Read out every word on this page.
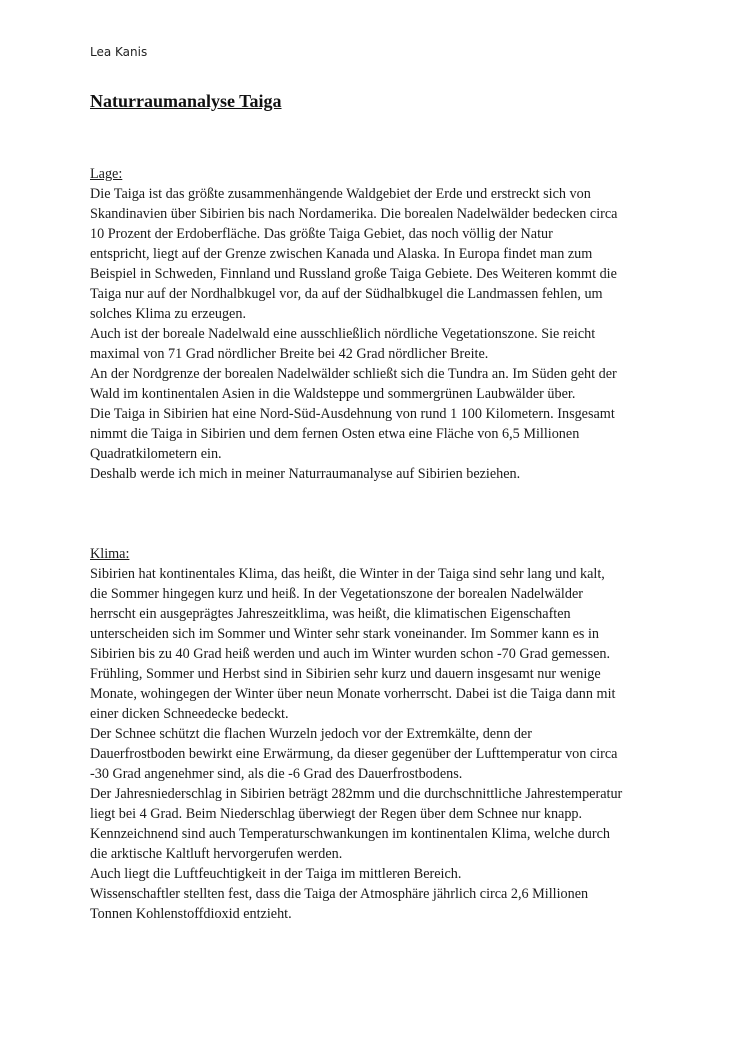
Lea Kanis
Naturraumanalyse Taiga
Lage:
Die Taiga ist das größte zusammenhängende Waldgebiet der Erde und erstreckt sich von
Skandinavien über Sibirien bis nach Nordamerika. Die borealen Nadelwälder bedecken circa
10 Prozent der Erdoberfläche. Das größte Taiga Gebiet, das noch völlig der Natur
entspricht, liegt auf der Grenze zwischen Kanada und Alaska. In Europa findet man zum
Beispiel in Schweden, Finnland und Russland große Taiga Gebiete. Des Weiteren kommt die
Taiga nur auf der Nordhalbkugel vor, da auf der Südhalbkugel die Landmassen fehlen, um
solches Klima zu erzeugen.
Auch ist der boreale Nadelwald eine ausschließlich nördliche Vegetationszone. Sie reicht
maximal von 71 Grad nördlicher Breite bei 42 Grad nördlicher Breite.
An der Nordgrenze der borealen Nadelwälder schließt sich die Tundra an. Im Süden geht der
Wald im kontinentalen Asien in die Waldsteppe und sommergrünen Laubwälder über.
Die Taiga in Sibirien hat eine Nord-Süd-Ausdehnung von rund 1 100 Kilometern. Insgesamt
nimmt die Taiga in Sibirien und dem fernen Osten etwa eine Fläche von 6,5 Millionen
Quadratkilometern ein.
Deshalb werde ich mich in meiner Naturraumanalyse auf Sibirien beziehen.
Klima:
Sibirien hat kontinentales Klima, das heißt, die Winter in der Taiga sind sehr lang und kalt,
die Sommer hingegen kurz und heiß. In der Vegetationszone der borealen Nadelwälder
herrscht ein ausgeprägtes Jahreszeitklima, was heißt, die klimatischen Eigenschaften
unterscheiden sich im Sommer und Winter sehr stark voneinander. Im Sommer kann es in
Sibirien bis zu 40 Grad heiß werden und auch im Winter wurden schon -70 Grad gemessen.
Frühling, Sommer und Herbst sind in Sibirien sehr kurz und dauern insgesamt nur wenige
Monate, wohingegen der Winter über neun Monate vorherrscht. Dabei ist die Taiga dann mit
einer dicken Schneedecke bedeckt.
Der Schnee schützt die flachen Wurzeln jedoch vor der Extremkälte, denn der
Dauerfrostboden bewirkt eine Erwärmung, da dieser gegenüber der Lufttemperatur von circa
-30 Grad angenehmer sind, als die -6 Grad des Dauerfrostbodens.
Der Jahresniederschlag in Sibirien beträgt 282mm und die durchschnittliche Jahrestemperatur
liegt bei 4 Grad. Beim Niederschlag überwiegt der Regen über dem Schnee nur knapp.
Kennzeichnend sind auch Temperaturschwankungen im kontinentalen Klima, welche durch
die arktische Kaltluft hervorgerufen werden.
Auch liegt die Luftfeuchtigkeit in der Taiga im mittleren Bereich.
Wissenschaftler stellten fest, dass die Taiga der Atmosphäre jährlich circa 2,6 Millionen
Tonnen Kohlenstoffdioxid entzieht.
